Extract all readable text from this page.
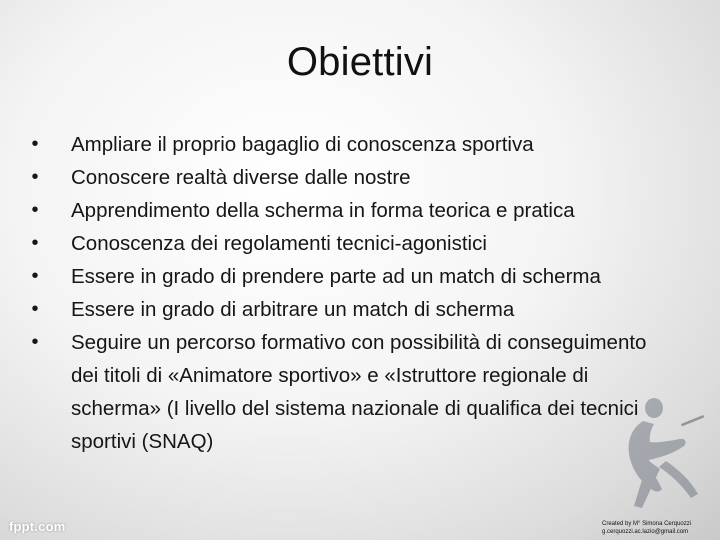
Obiettivi
• Ampliare il proprio bagaglio di conoscenza sportiva
• Conoscere realtà diverse dalle nostre
• Apprendimento della scherma in forma teorica e pratica
• Conoscenza dei regolamenti tecnici-agonistici
• Essere in grado di prendere parte ad un match di scherma
• Essere in grado di arbitrare un match di scherma
• Seguire un percorso formativo con possibilità di conseguimento dei titoli di «Animatore sportivo» e «Istruttore regionale di scherma» (I livello del sistema nazionale di qualifica dei tecnici sportivi (SNAQ)
fppt.com	Created by M° Simona Cerquozzi
g.cerquozzi.ac.lazio@gmail.com
